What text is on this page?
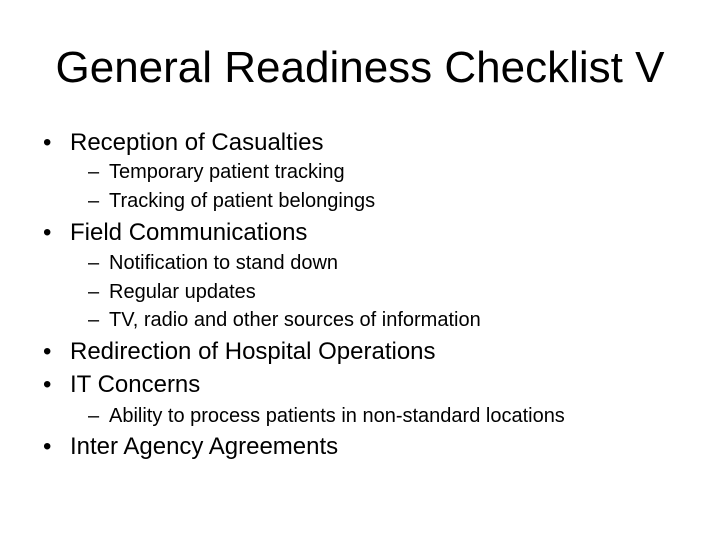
General Readiness Checklist V
• Reception of Casualties
– Temporary patient tracking
– Tracking of patient belongings
• Field Communications
– Notification to stand down
– Regular updates
– TV, radio and other sources of information
• Redirection of Hospital Operations
• IT Concerns
– Ability to process patients in non-standard locations
• Inter Agency Agreements
